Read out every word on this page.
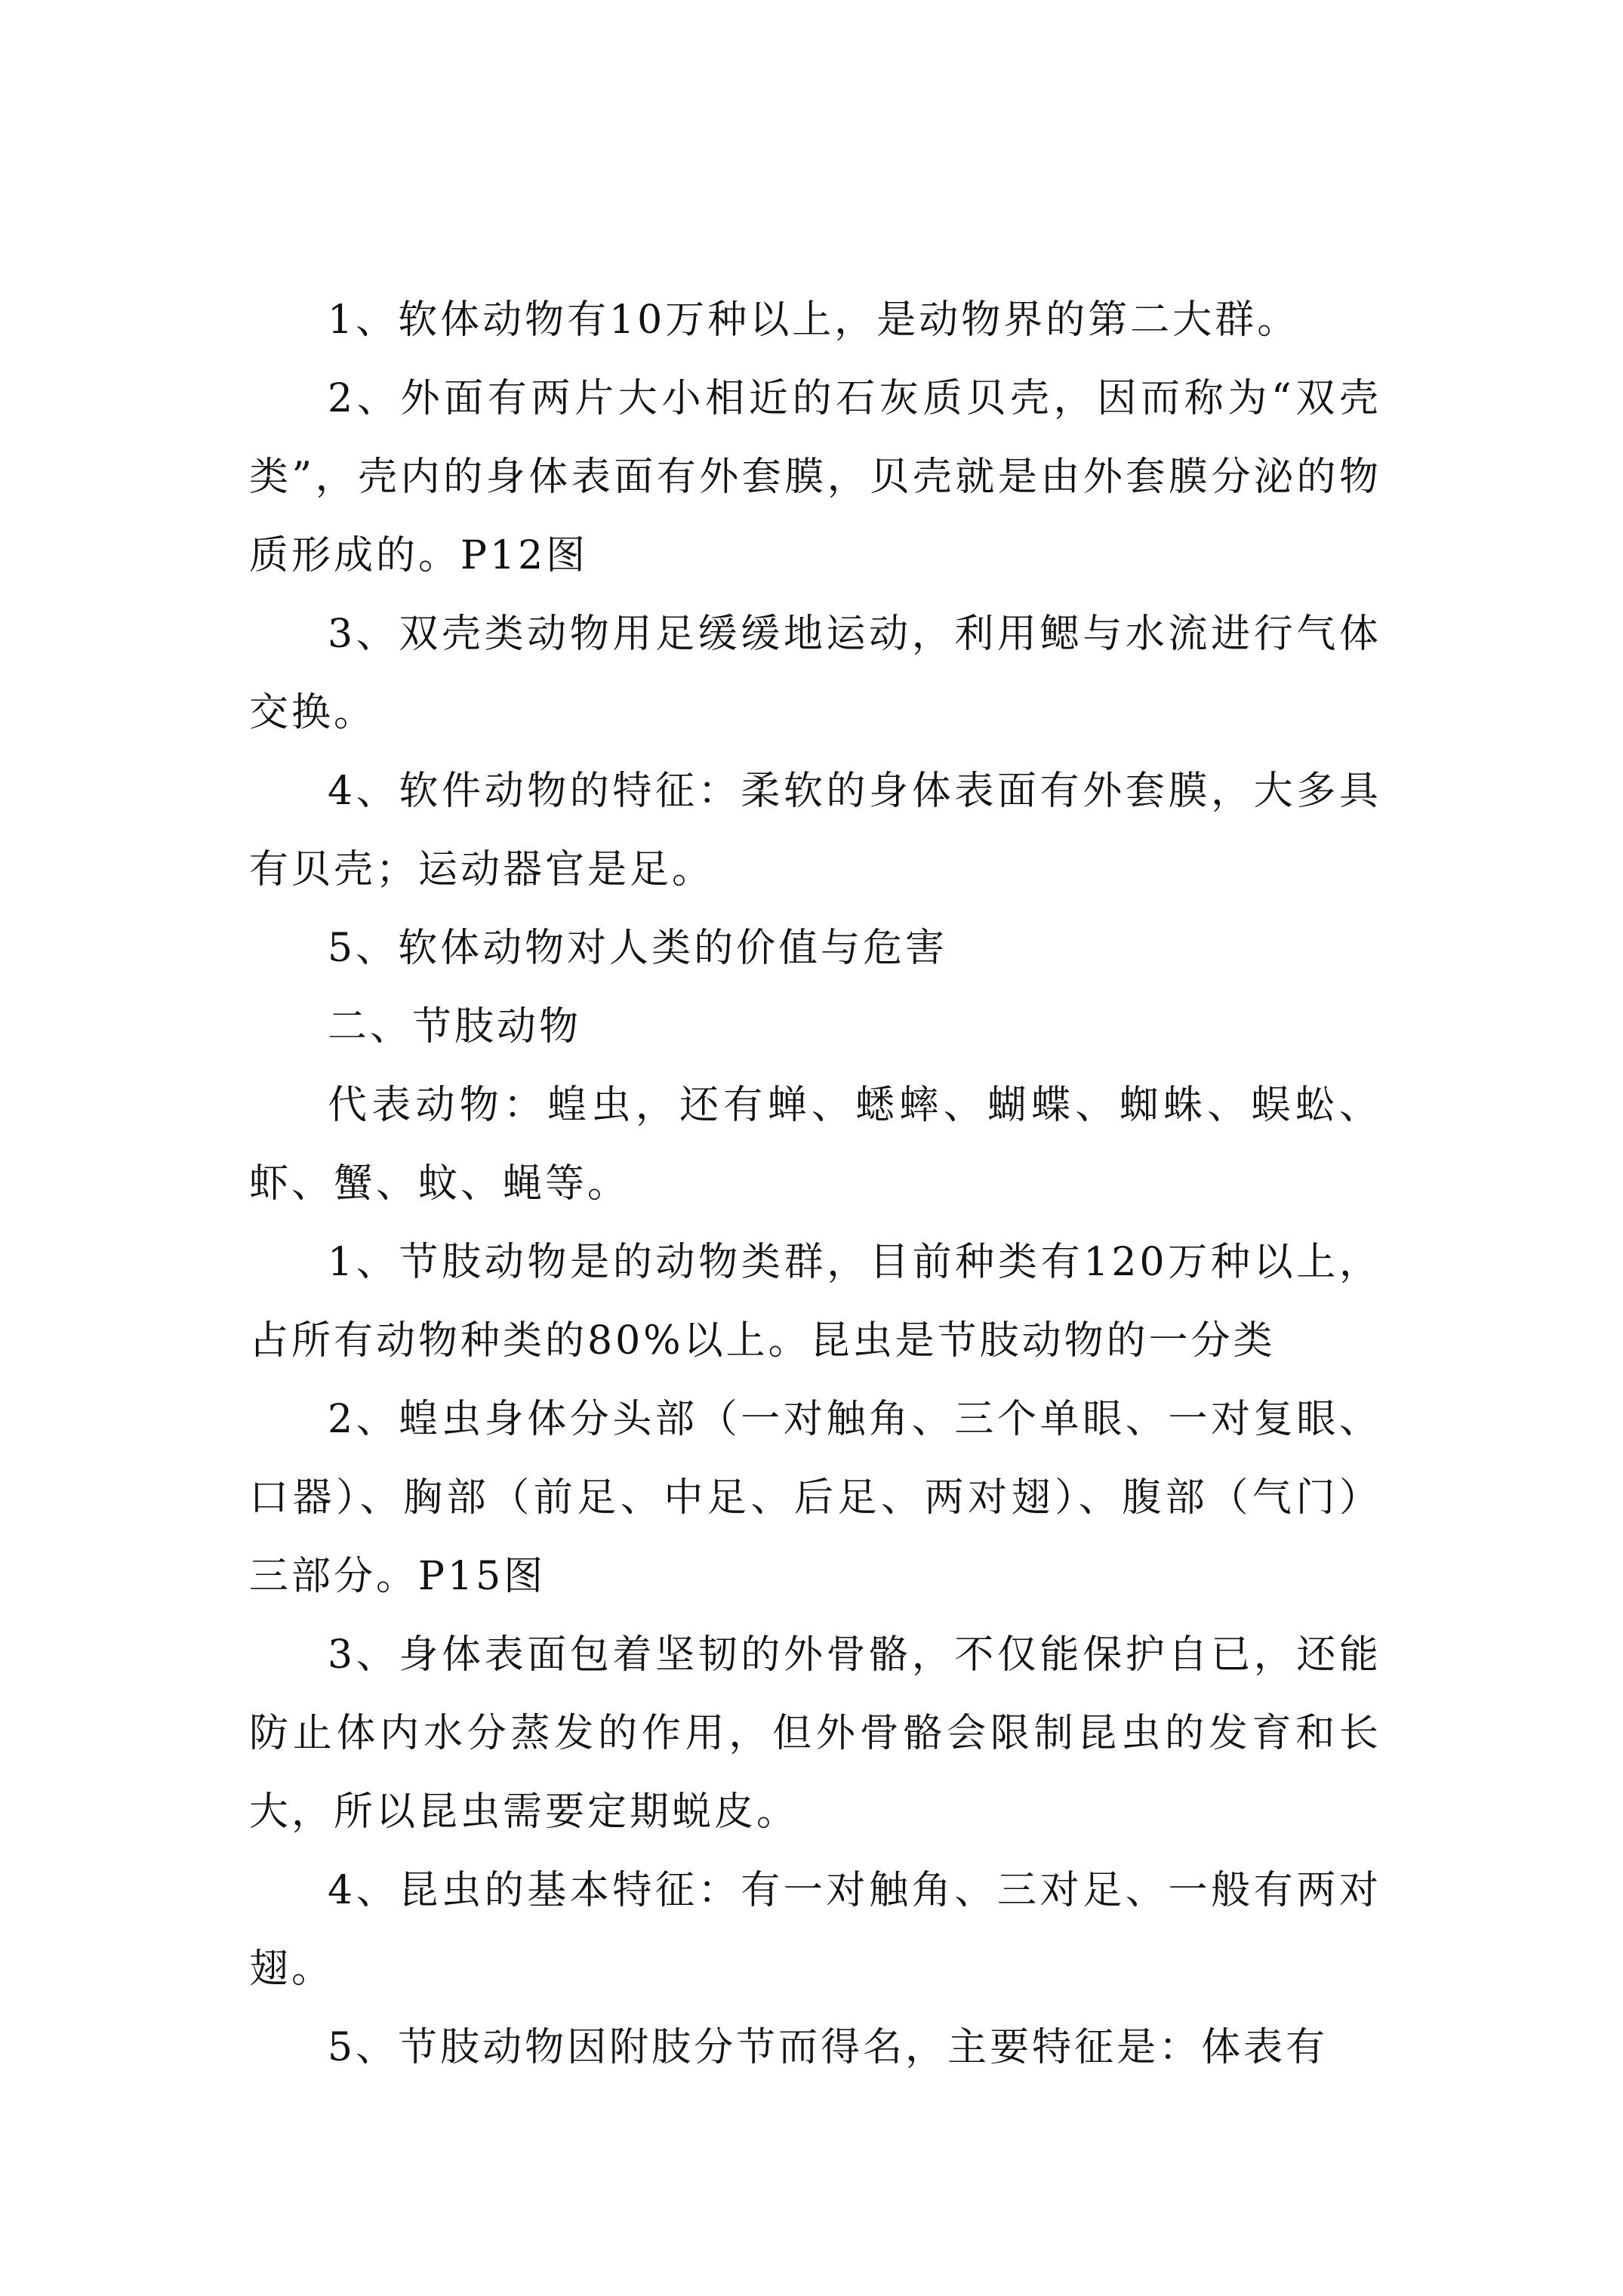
1、软体动物有10万种以上，是动物界的第二大群。

2、外面有两片大小相近的石灰质贝壳，因而称为“双壳类”，壳内的身体表面有外套膜，贝壳就是由外套膜分泌的物质形成的。P12图

3、双壳类动物用足缓缓地运动，利用鳃与水流进行气体交换。

4、软件动物的特征：柔软的身体表面有外套膜，大多具有贝壳；运动器官是足。

5、软体动物对人类的价值与危害

二、节肢动物

代表动物：蝗虫，还有蝉、蟋蟀、蝴蝶、蜘蛛、蜈蚣、虾、蟹、蚊、蝇等。

1、节肢动物是的动物类群，目前种类有120万种以上，占所有动物种类的80%以上。昆虫是节肢动物的一分类

2、蝗虫身体分头部（一对触角、三个单眼、一对复眼、口器）、胸部（前足、中足、后足、两对翅）、腹部（气门）三部分。P15图

3、身体表面包着坚韧的外骨骼，不仅能保护自已，还能防止体内水分蒸发的作用，但外骨骼会限制昆虫的发育和长大，所以昆虫需要定期蜕皮。

4、昆虫的基本特征：有一对触角、三对足、一般有两对翅。

5、节肢动物因附肢分节而得名，主要特征是：体表有
